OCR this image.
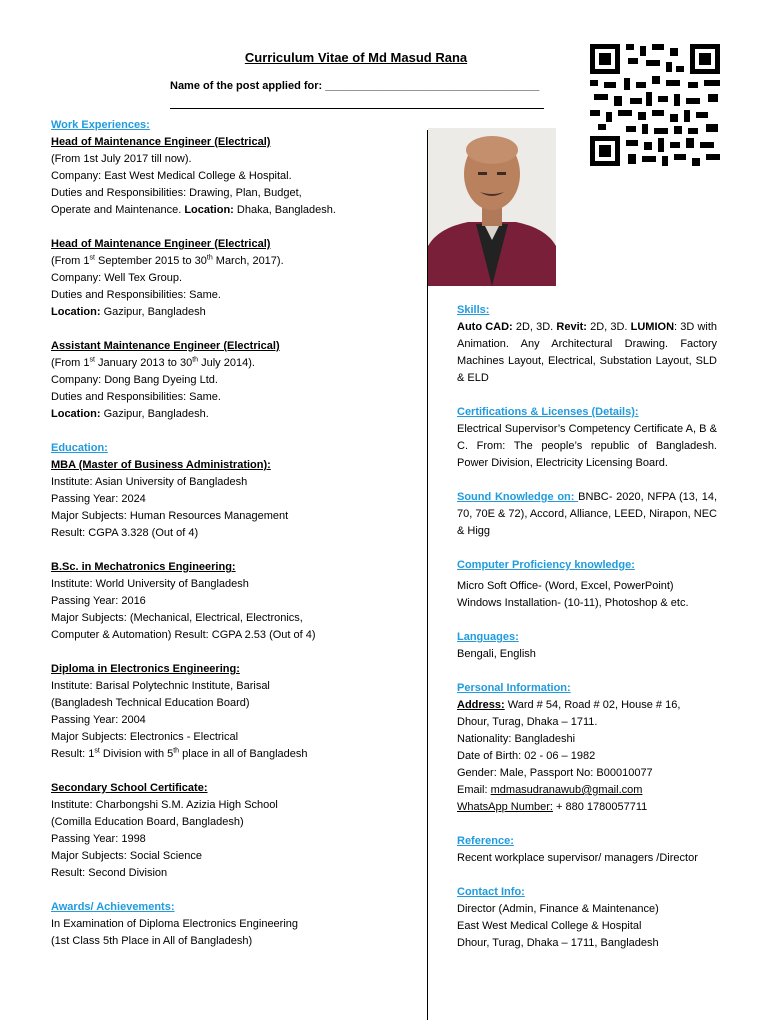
Curriculum Vitae of Md Masud Rana
Name of the post applied for: ___________________________________
Work Experiences:
Head of Maintenance Engineer (Electrical)
(From 1st July 2017 till now).
Company: East West Medical College & Hospital.
Duties and Responsibilities: Drawing, Plan, Budget,
Operate and Maintenance. Location: Dhaka, Bangladesh.
Head of Maintenance Engineer (Electrical)
(From 1st September 2015 to 30th March, 2017).
Company: Well Tex Group.
Duties and Responsibilities: Same.
Location: Gazipur, Bangladesh
Assistant Maintenance Engineer (Electrical)
(From 1st January 2013 to 30th July 2014).
Company: Dong Bang Dyeing Ltd.
Duties and Responsibilities: Same.
Location: Gazipur, Bangladesh.
Education:
MBA (Master of Business Administration):
Institute: Asian University of Bangladesh
Passing Year: 2024
Major Subjects: Human Resources Management
Result: CGPA 3.328 (Out of 4)
B.Sc. in Mechatronics Engineering:
Institute: World University of Bangladesh
Passing Year: 2016
Major Subjects: (Mechanical, Electrical, Electronics,
Computer & Automation) Result: CGPA 2.53 (Out of 4)
Diploma in Electronics Engineering:
Institute: Barisal Polytechnic Institute, Barisal
(Bangladesh Technical Education Board)
Passing Year: 2004
Major Subjects: Electronics - Electrical
Result: 1st Division with 5th place in all of Bangladesh
Secondary School Certificate:
Institute: Charbongshi S.M. Azizia High School
(Comilla Education Board, Bangladesh)
Passing Year: 1998
Major Subjects: Social Science
Result: Second Division
Awards/ Achievements:
In Examination of Diploma Electronics Engineering
(1st Class 5th Place in All of Bangladesh)
Skills:
Auto CAD: 2D, 3D. Revit: 2D, 3D. LUMION: 3D with Animation. Any Architectural Drawing. Factory Machines Layout, Electrical, Substation Layout, SLD & ELD
Certifications & Licenses (Details):
Electrical Supervisor’s Competency Certificate A, B & C. From: The people’s republic of Bangladesh. Power Division, Electricity Licensing Board.
Sound Knowledge on: BNBC- 2020, NFPA (13, 14, 70, 70E & 72), Accord, Alliance, LEED, Nirapon, NEC & Higg
Computer Proficiency knowledge:
Micro Soft Office- (Word, Excel, PowerPoint)
Windows Installation- (10-11), Photoshop & etc.
Languages:
Bengali, English
Personal Information:
Address: Ward # 54, Road # 02, House # 16,
Dhour, Turag, Dhaka – 1711.
Nationality: Bangladeshi
Date of Birth: 02 - 06 – 1982
Gender: Male, Passport No: B00010077
Email: mdmasudranawub@gmail.com
WhatsApp Number: + 880 1780057711
Reference:
Recent workplace supervisor/ managers /Director
Contact Info:
Director (Admin, Finance & Maintenance)
East West Medical College & Hospital
Dhour, Turag, Dhaka – 1711, Bangladesh
